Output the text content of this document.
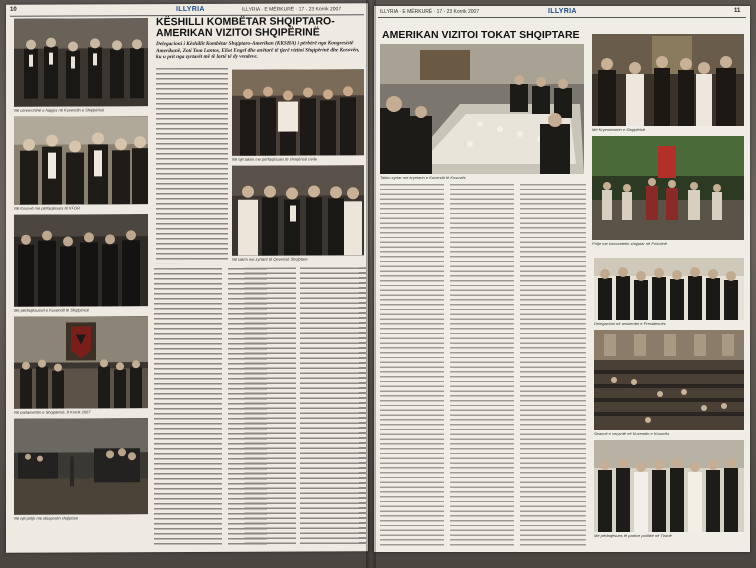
10	ILLYRIA	ILLYRIA · E MËRKURË · 17 - 23 Korrik 2007
KËSHILLI KOMBËTAR SHQIPTARO-
AMERIKAN VIZITOI SHQIPËRINË
Delegacioni i Këshillit Kombëtar Shqiptaro-Amerikan (KKSHA) i përbërë nga Kongresistë Amerikanë, Zoti Tom Lantos, Eliot Engel dhe anëtarë të tjerë vizitoi Shqipërinë dhe Kosovën, ku u prit nga zyrtarët më të lartë të dy vendeve.
Në ceremoninë e hapjes në Kuvendin e Shqipërisë
Në Kosovë me përfaqësues të KFOR
Me përfaqësuesit e Kuvendit të Shqipërisë
Në parlamentin e Shqipërisë, 8 Korrik 2007
Në një pritje me diasporën shqiptare
Në një takim me përfaqësues të shoqërisë civile
Në takim me zyrtarë të Qeverisë Shqiptare
ILLYRIA · E MËRKURË · 17 - 23 Korrik 2007	ILLYRIA	11
AMERIKAN VIZITOI TOKAT SHQIPTARE
Takim zyrtar me kryetarin e Kuvendit të Kosovës
Me Kryeministrin e Shqipërisë
Pritje me komunitetin shqiptar në Prishtinë
Delegacioni në ambientet e Presidencës
Seancë e veçantë në Kuvendin e Kosovës
Me përfaqësues të partive politike në Tiranë
